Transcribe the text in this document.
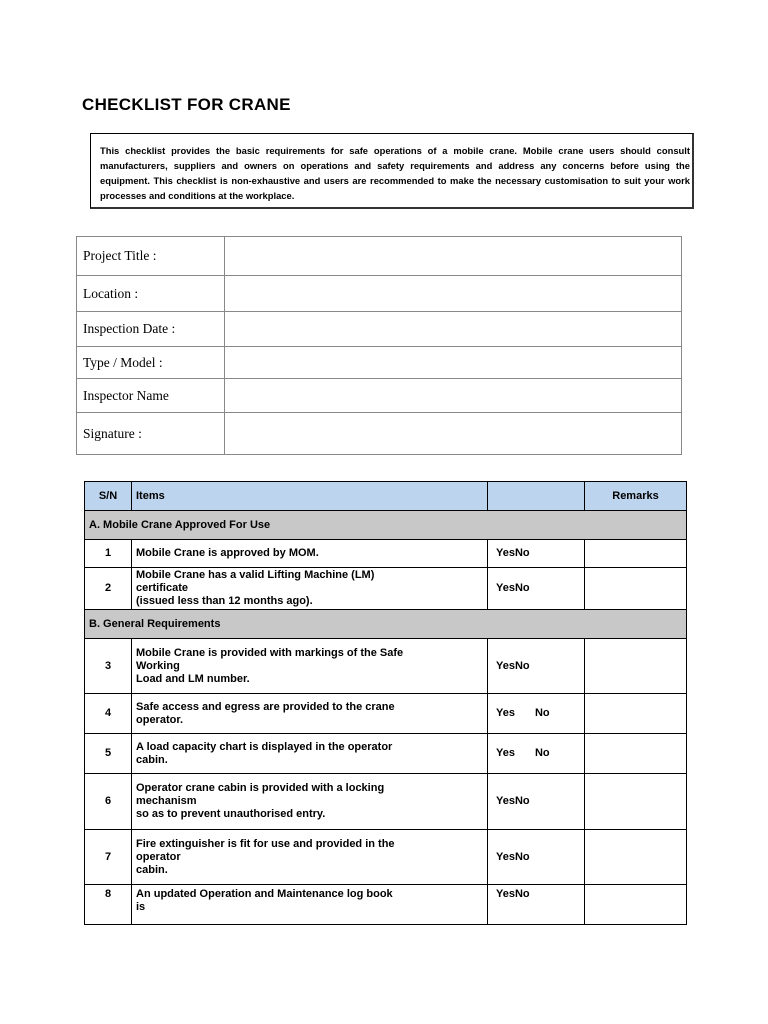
CHECKLIST FOR CRANE

This checklist provides the basic requirements for safe operations of a mobile crane. Mobile crane users should consult manufacturers, suppliers and owners on operations and safety requirements and address any concerns before using the equipment. This checklist is non-exhaustive and users are recommended to make the necessary customisation to suit your work processes and conditions at the workplace.

Project Title :	
Location :	
Inspection Date :	
Type / Model :	
Inspector Name	
Signature :	
S/N	Items		Remarks
A. Mobile Crane Approved For Use			
1	Mobile Crane is approved by MOM.	YesNo	
2	Mobile Crane has a valid Lifting Machine (LM)
certificate
(issued less than 12 months ago).	YesNo	
B. General Requirements			
3	Mobile Crane is provided with markings of the Safe
Working
Load and LM number.	YesNo	
4	Safe access and egress are provided to the crane
operator.	Yes No	
5	A load capacity chart is displayed in the operator
cabin.	Yes No	
6	Operator crane cabin is provided with a locking
mechanism
so as to prevent unauthorised entry.	YesNo	
7	Fire extinguisher is fit for use and provided in the
operator
cabin.	YesNo	
8	An updated Operation and Maintenance log book
is	YesNo	
